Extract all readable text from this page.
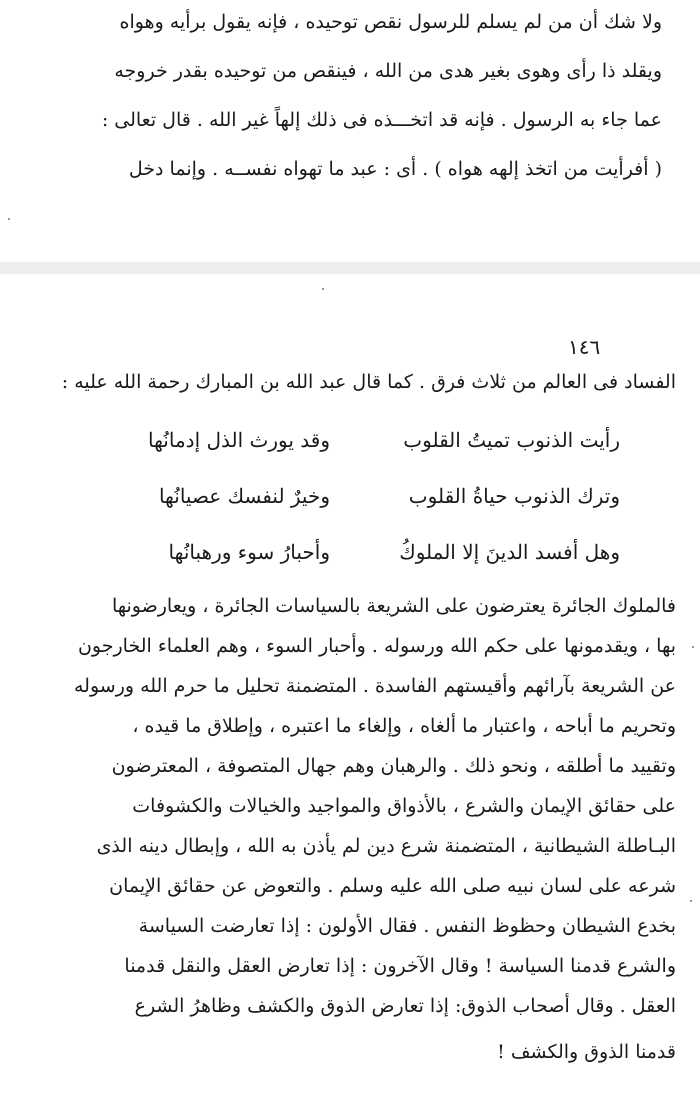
ولا شك أن من لم يسلم للرسول نقص توحيده ، فإنه يقول برأيه وهواه
ويقلد ذا رأى وهوى بغير هدى من الله ، فينقص من توحيده بقدر خروجه
عما جاء به الرسول . فإنه قد اتخـــذه فى ذلك إلهاً غير الله . قال تعالى :
( أفرأيت من اتخذ إلهه هواه ) . أى : عبد ما تهواه نفســه . وإنما دخل
١٤٦
الفساد فى العالم من ثلاث فرق . كما قال عبد الله بن المبارك رحمة الله عليه :
رأيت الذنوب تميتُ القلوب
وقد يورث الذل إدمانُها
وترك الذنوب حياةُ القلوب
وخيرٌ لنفسك عصيانُها
وهل أفسد الدينَ إلا الملوكُ
وأحبارُ سوء ورهبانُها
فالملوك الجائرة يعترضون على الشريعة بالسياسات الجائرة ، ويعارضونها
بها ، ويقدمونها على حكم الله ورسوله . وأحبار السوء ، وهم العلماء الخارجون
عن الشريعة بآرائهم وأقيستهم الفاسدة . المتضمنة تحليل ما حرم الله ورسوله
وتحريم ما أباحه ، واعتبار ما ألغاه ، وإلغاء ما اعتبره ، وإطلاق ما قيده ،
وتقييد ما أطلقه ، ونحو ذلك . والرهبان وهم جهال المتصوفة ، المعترضون
على حقائق الإيمان والشرع ، بالأذواق والمواجيد والخيالات والكشوفات
البـاطلة الشيطانية ، المتضمنة شرع دين لم يأذن به الله ، وإبطال دينه الذى
شرعه على لسان نبيه صلى الله عليه وسلم . والتعوض عن حقائق الإيمان
بخدع الشيطان وحظوظ النفس . فقال الأولون : إذا تعارضت السياسة
والشرع قدمنا السياسة ! وقال الآخرون : إذا تعارض العقل والنقل قدمنا
العقل . وقال أصحاب الذوق: إذا تعارض الذوق والكشف وظاهرُ الشرع
قدمنا الذوق والكشف !
